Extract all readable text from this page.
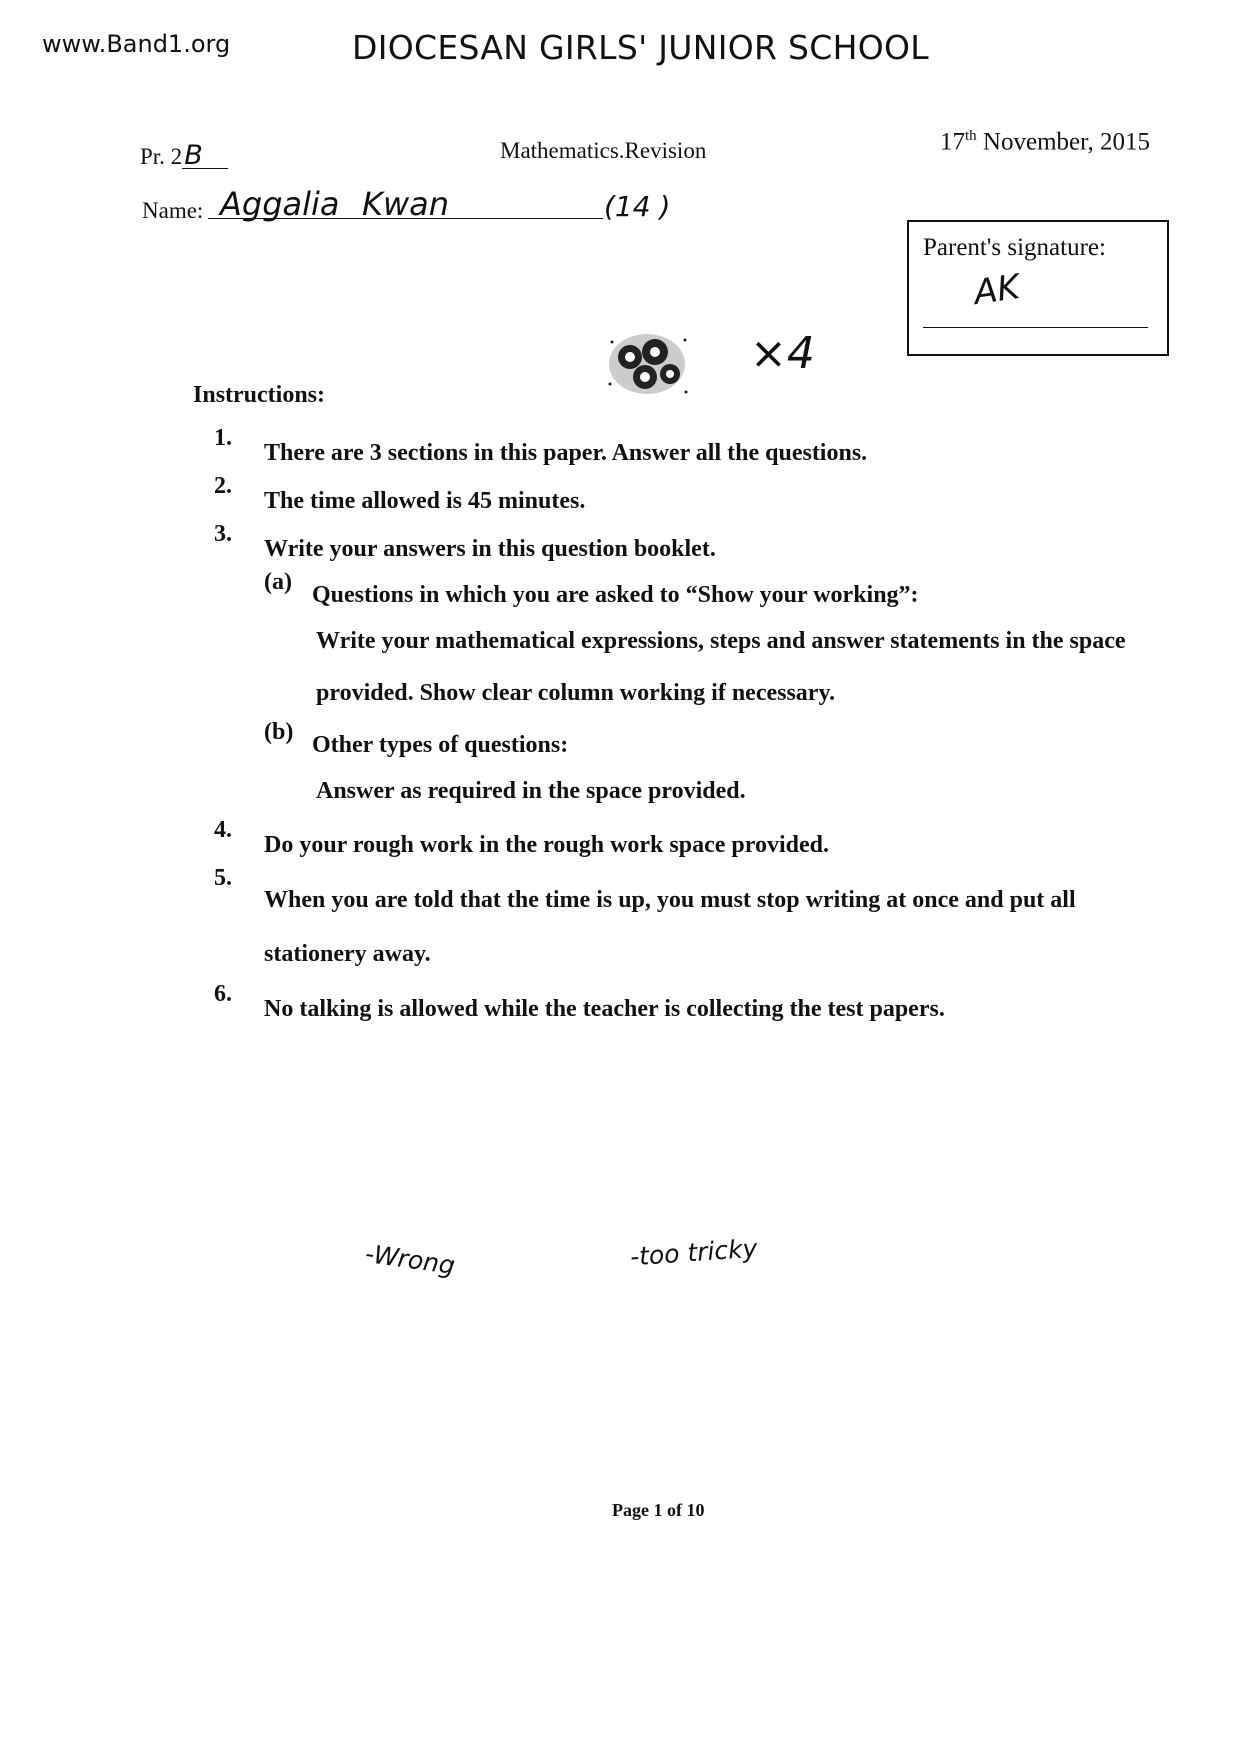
www.Band1.org	DIOCESAN GIRLS' JUNIOR SCHOOL
Pr. 2B	Mathematics.Revision	17th November, 2015
Name: Aggalia Kwan	(14 )
Parent's signature:
AK
×4
Instructions:
1.
There are 3 sections in this paper. Answer all the questions.
2.
The time allowed is 45 minutes.
3.
Write your answers in this question booklet.
(a) Questions in which you are asked to “Show your working”:
Write your mathematical expressions, steps and answer statements in the space provided. Show clear column working if necessary.
(b) Other types of questions:
Answer as required in the space provided.
4.
Do your rough work in the rough work space provided.
5.
When you are told that the time is up, you must stop writing at once and put all stationery away.
6.
No talking is allowed while the teacher is collecting the test papers.
-Wrong	-too tricky
Page 1 of 10
